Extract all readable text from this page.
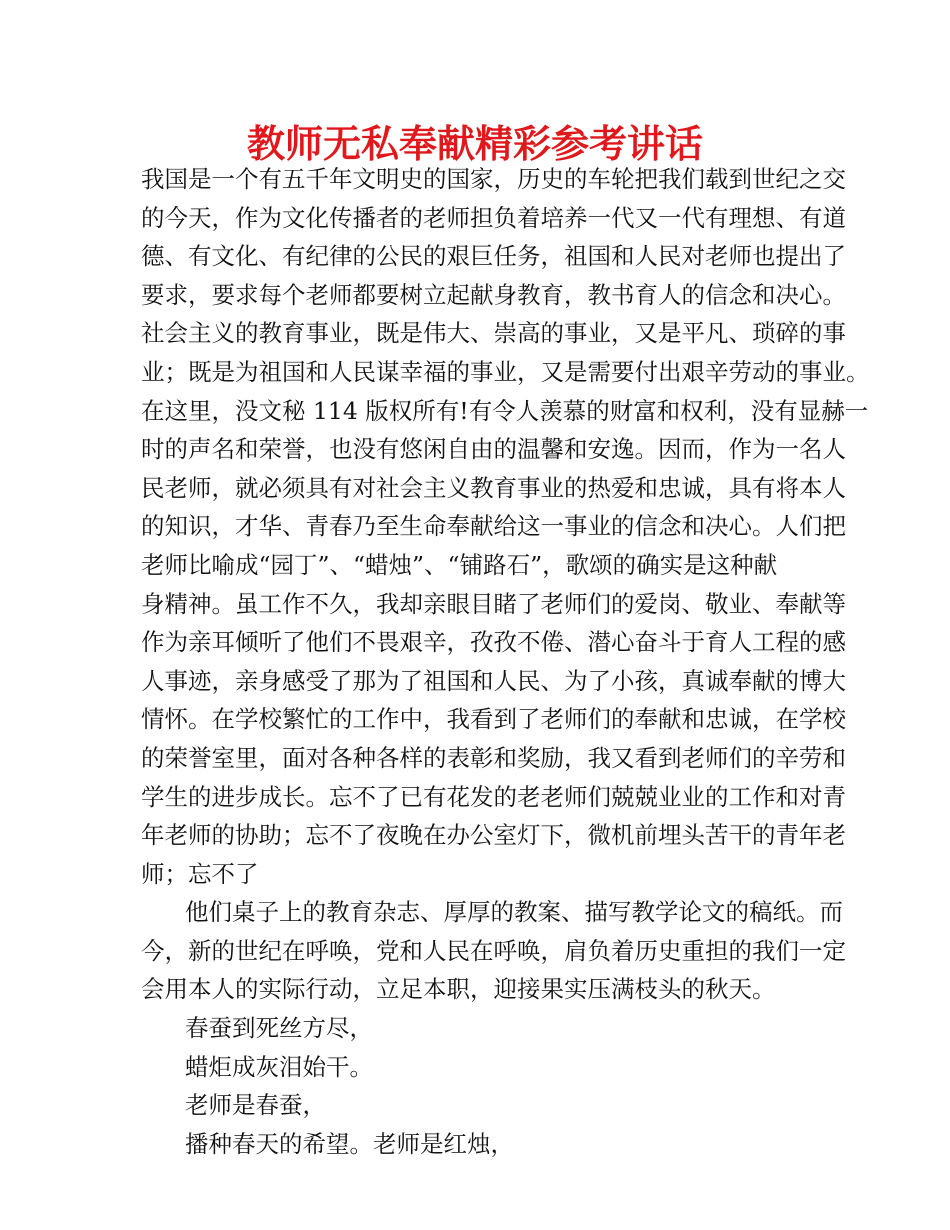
教师无私奉献精彩参考讲话
我国是一个有五千年文明史的国家，历史的车轮把我们载到世纪之交
的今天，作为文化传播者的老师担负着培养一代又一代有理想、有道
德、有文化、有纪律的公民的艰巨任务，祖国和人民对老师也提出了
要求，要求每个老师都要树立起献身教育，教书育人的信念和决心。
社会主义的教育事业，既是伟大、崇高的事业，又是平凡、琐碎的事
业；既是为祖国和人民谋幸福的事业，又是需要付出艰辛劳动的事业。
在这里，没文秘 114 版权所有!有令人羡慕的财富和权利，没有显赫一
时的声名和荣誉，也没有悠闲自由的温馨和安逸。因而，作为一名人
民老师，就必须具有对社会主义教育事业的热爱和忠诚，具有将本人
的知识，才华、青春乃至生命奉献给这一事业的信念和决心。人们把
老师比喻成“园丁”、“蜡烛”、“铺路石”，歌颂的确实是这种献
身精神。虽工作不久，我却亲眼目睹了老师们的爱岗、敬业、奉献等
作为亲耳倾听了他们不畏艰辛，孜孜不倦、潜心奋斗于育人工程的感
人事迹，亲身感受了那为了祖国和人民、为了小孩，真诚奉献的博大
情怀。在学校繁忙的工作中，我看到了老师们的奉献和忠诚，在学校
的荣誉室里，面对各种各样的表彰和奖励，我又看到老师们的辛劳和
学生的进步成长。忘不了已有花发的老老师们兢兢业业的工作和对青
年老师的协助；忘不了夜晚在办公室灯下，微机前埋头苦干的青年老
师；忘不了
他们桌子上的教育杂志、厚厚的教案、描写教学论文的稿纸。而
今，新的世纪在呼唤，党和人民在呼唤，肩负着历史重担的我们一定
会用本人的实际行动，立足本职，迎接果实压满枝头的秋天。
春蚕到死丝方尽，
蜡炬成灰泪始干。
老师是春蚕，
播种春天的希望。老师是红烛，
